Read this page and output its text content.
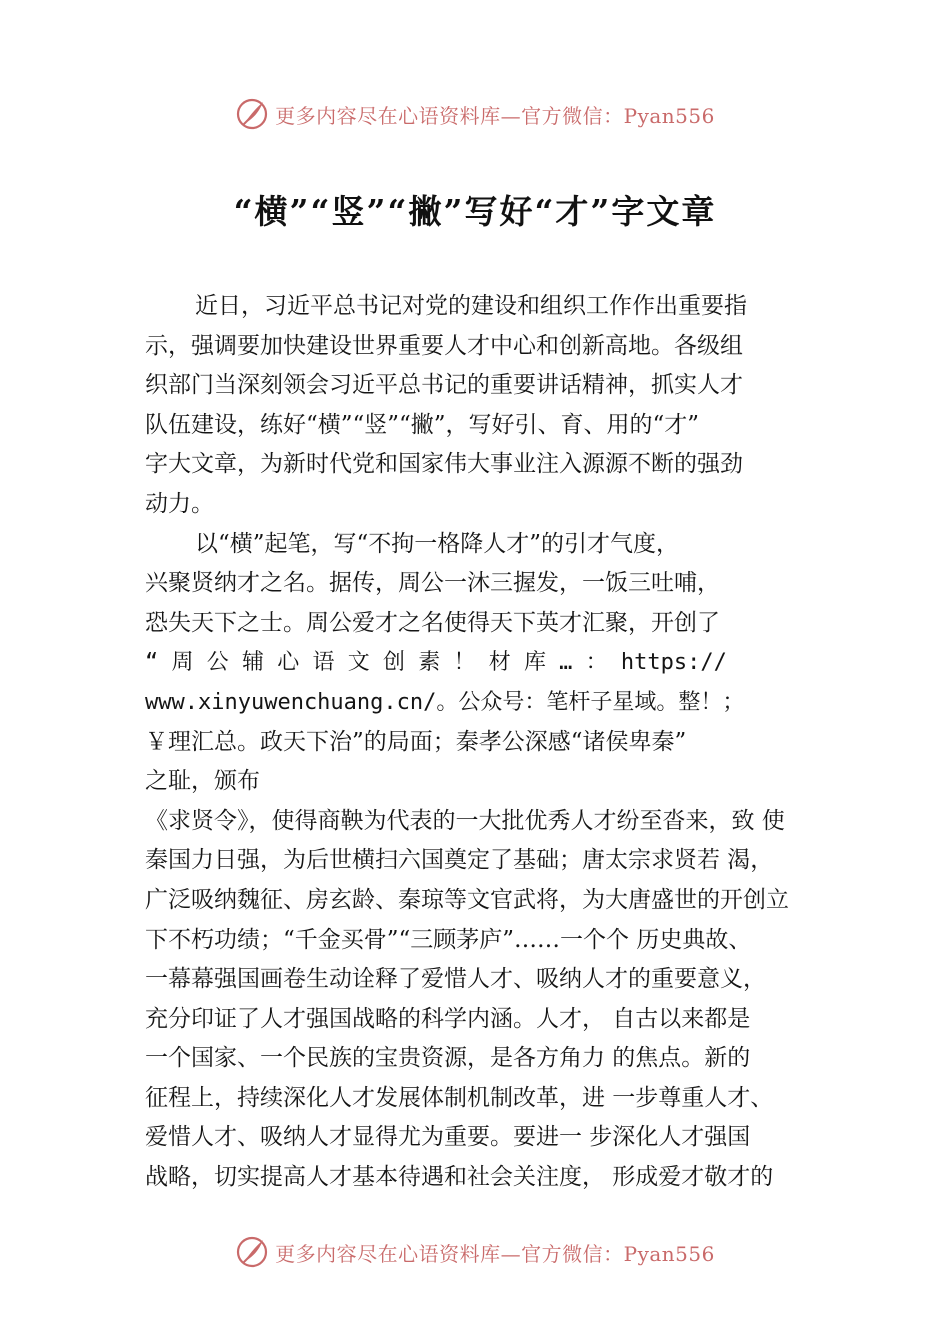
更多内容尽在心语资料库—官方微信：Pyan556
“横”“竖”“撇”写好“才”字文章
近日，习近平总书记对党的建设和组织工作作出重要指
示，强调要加快建设世界重要人才中心和创新高地。各级组
织部门当深刻领会习近平总书记的重要讲话精神，抓实人才
队伍建设，练好“横”“竖”“撇”，写好引、育、用的“才”
字大文章，为新时代党和国家伟大事业注入源源不断的强劲
动力。
以“横”起笔，写“不拘一格降人才”的引才气度，
兴聚贤纳才之名。据传，周公一沐三握发，一饭三吐哺，
恐失天下之士。周公爱才之名使得天下英才汇聚，开创了
“ 周 公 辅 心 语 文 创 素 ！ 材 库 … ： https://
www.xinyuwenchuang.cn/。公众号：笔杆子星域。整！；
￥理汇总。政天下治”的局面；秦孝公深感“诸侯卑秦”
之耻，颁布
《求贤令》，使得商鞅为代表的一大批优秀人才纷至沓来，致 使
秦国力日强，为后世横扫六国奠定了基础；唐太宗求贤若 渴，
广泛吸纳魏征、房玄龄、秦琼等文官武将，为大唐盛世的开创立
下不朽功绩；“千金买骨”“三顾茅庐”……一个个 历史典故、
一幕幕强国画卷生动诠释了爱惜人才、吸纳人才的重要意义，
充分印证了人才强国战略的科学内涵。人才， 自古以来都是
一个国家、一个民族的宝贵资源，是各方角力 的焦点。新的
征程上，持续深化人才发展体制机制改革，进 一步尊重人才、
爱惜人才、吸纳人才显得尤为重要。要进一 步深化人才强国
战略，切实提高人才基本待遇和社会关注度， 形成爱才敬才的
更多内容尽在心语资料库—官方微信：Pyan556
